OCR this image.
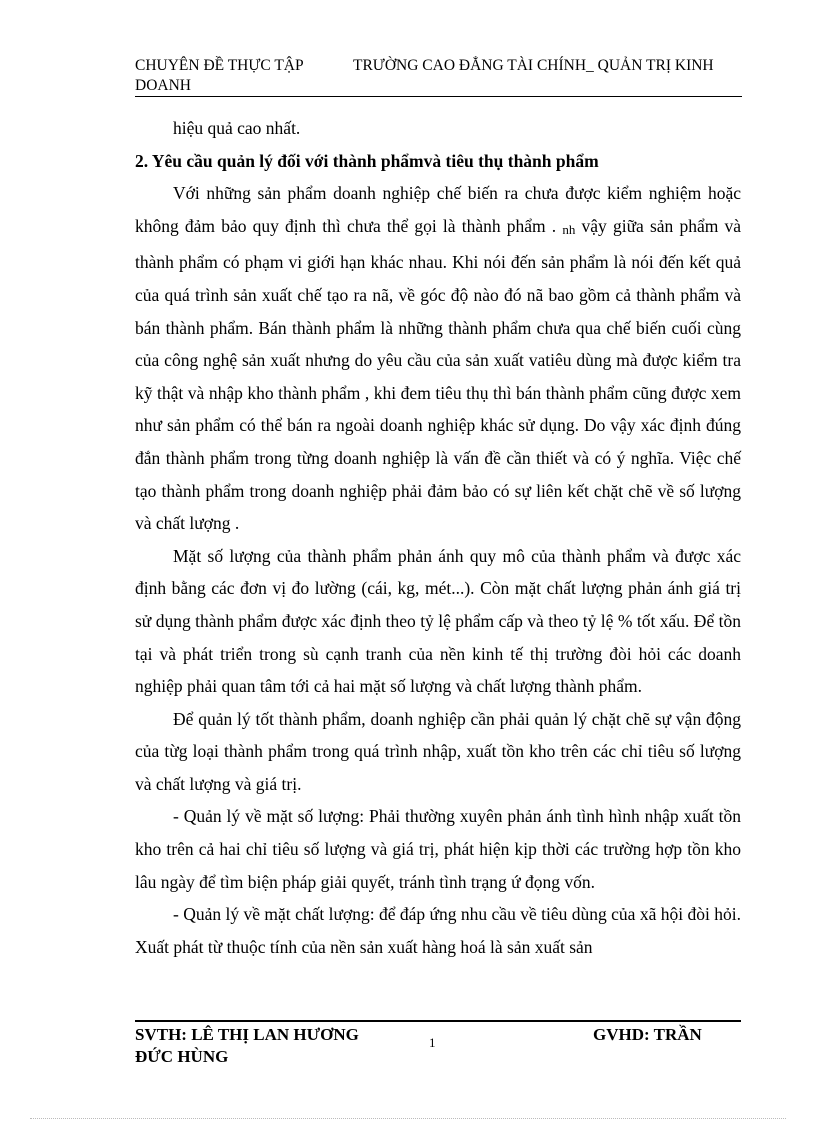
CHUYÊN ĐỀ THỰC TẬP	TRƯỜNG CAO ĐẲNG TÀI CHÍNH_ QUẢN TRỊ KINH
DOANH

hiệu quả cao nhất.

2. Yêu cầu quản lý đối với thành phẩmvà tiêu thụ thành phẩm

Với những sản phẩm doanh nghiệp chế biến ra chưa được kiểm nghiệm hoặc không đảm bảo quy định thì chưa thể gọi là thành phẩm . nh vậy giữa sản phẩm và thành phẩm có phạm vi giới hạn khác nhau. Khi nói đến sản phẩm là nói đến kết quả của quá trình sản xuất chế tạo ra nã, về góc độ nào đó nã bao gồm cả thành phẩm và bán thành phẩm. Bán thành phẩm là những thành phẩm chưa qua chế biến cuối cùng của công nghệ sản xuất nhưng do yêu cầu của sản xuất vatiêu dùng mà được kiểm tra kỹ thật và nhập kho thành phẩm , khi đem tiêu thụ thì bán thành phẩm cũng được xem như sản phẩm có thể bán ra ngoài doanh nghiệp khác sử dụng. Do vậy xác định đúng đắn thành phẩm trong từng doanh nghiệp là vấn đề cần thiết và có ý nghĩa. Việc chế tạo thành phẩm trong doanh nghiệp phải đảm bảo có sự liên kết chặt chẽ về số lượng và chất lượng .

Mặt số lượng của thành phẩm phản ánh quy mô của thành phẩm và được xác định bằng các đơn vị đo lường (cái, kg, mét...). Còn mặt chất lượng phản ánh giá trị sử dụng thành phẩm được xác định theo tỷ lệ phẩm cấp và theo tỷ lệ % tốt xấu. Để tồn tại và phát triển trong sù cạnh tranh của nền kinh tế thị trường đòi hỏi các doanh nghiệp phải quan tâm tới cả hai mặt số lượng và chất lượng thành phẩm.

Để quản lý tốt thành phẩm, doanh nghiệp cần phải quản lý chặt chẽ sự vận động của từg loại thành phẩm trong quá trình nhập, xuất tồn kho trên các chỉ tiêu số lượng và chất lượng và giá trị.

- Quản lý về mặt số lượng: Phải thường xuyên phản ánh tình hình nhập xuất tồn kho trên cả hai chỉ tiêu số lượng và giá trị, phát hiện kịp thời các trường hợp tồn kho lâu ngày để tìm biện pháp giải quyết, tránh tình trạng ứ đọng vốn.

- Quản lý về mặt chất lượng: để đáp ứng nhu cầu về tiêu dùng của xã hội đòi hỏi. Xuất phát từ thuộc tính của nền sản xuất hàng hoá là sản xuất sản

SVTH: LÊ THỊ LAN HƯƠNG	1	GVHD: TRẦN
ĐỨC HÙNG
